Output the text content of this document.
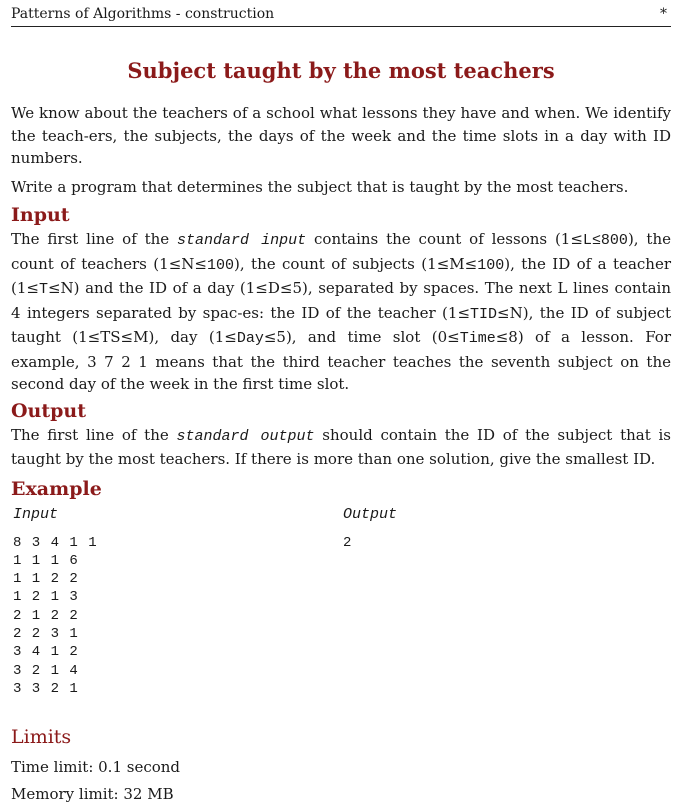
Patterns of Algorithms - construction	*
Subject taught by the most teachers

We know about the teachers of a school what lessons they have and when. We identify the teach-ers, the subjects, the days of the week and the time slots in a day with ID numbers.

Write a program that determines the subject that is taught by the most teachers.

Input

The first line of the standard input contains the count of lessons (1≤L≤800), the count of teachers (1≤N≤100), the count of subjects (1≤M≤100), the ID of a teacher (1≤T≤N) and the ID of a day (1≤D≤5), separated by spaces. The next L lines contain 4 integers separated by spac-es: the ID of the teacher (1≤TID≤N), the ID of subject taught (1≤TS≤M), day (1≤Day≤5), and time slot (0≤Time≤8) of a lesson. For example, 3 7 2 1 means that the third teacher teaches the seventh subject on the second day of the week in the first time slot.

Output

The first line of the standard output should contain the ID of the subject that is taught by the most teachers. If there is more than one solution, give the smallest ID.

Example
Input
8 3 4 1 1
1 1 1 6
1 1 2 2
1 2 1 3
2 1 2 2
2 2 3 1
3 4 1 2
3 2 1 4
3 3 2 1
Output
2
Limits
Time limit: 0.1 second
Memory limit: 32 MB
